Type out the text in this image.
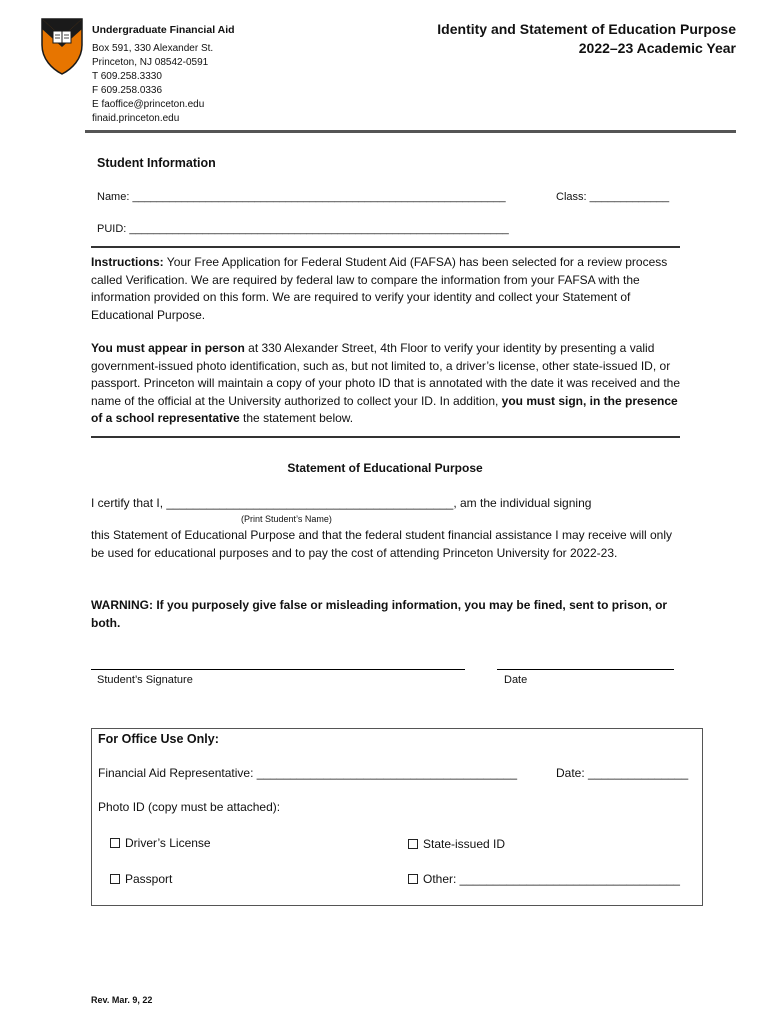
Undergraduate Financial Aid
Box 591, 330 Alexander St.
Princeton, NJ 08542-0591
T 609.258.3330
F 609.258.0336
E faoffice@princeton.edu
finaid.princeton.edu
Identity and Statement of Education Purpose
2022–23 Academic Year
Student Information
Name: _____________________________________________________________	Class: _____________
PUID: ______________________________________________________________
Instructions: Your Free Application for Federal Student Aid (FAFSA) has been selected for a review process called Verification. We are required by federal law to compare the information from your FAFSA with the information provided on this form. We are required to verify your identity and collect your Statement of Educational Purpose.
You must appear in person at 330 Alexander Street, 4th Floor to verify your identity by presenting a valid government-issued photo identification, such as, but not limited to, a driver’s license, other state-issued ID, or passport. Princeton will maintain a copy of your photo ID that is annotated with the date it was received and the name of the official at the University authorized to collect your ID. In addition, you must sign, in the presence of a school representative the statement below.
Statement of Educational Purpose
I certify that I, ___________________________________________, am the individual signing
(Print Student’s Name)
this Statement of Educational Purpose and that the federal student financial assistance I may receive will only be used for educational purposes and to pay the cost of attending Princeton University for 2022-23.
WARNING: If you purposely give false or misleading information, you may be fined, sent to prison, or both.
Student’s Signature	Date
For Office Use Only:
Financial Aid Representative: _______________________________________	Date: _______________
Photo ID (copy must be attached):
Driver’s License	State-issued ID
Passport	Other: _________________________________
Rev. Mar. 9, 22
